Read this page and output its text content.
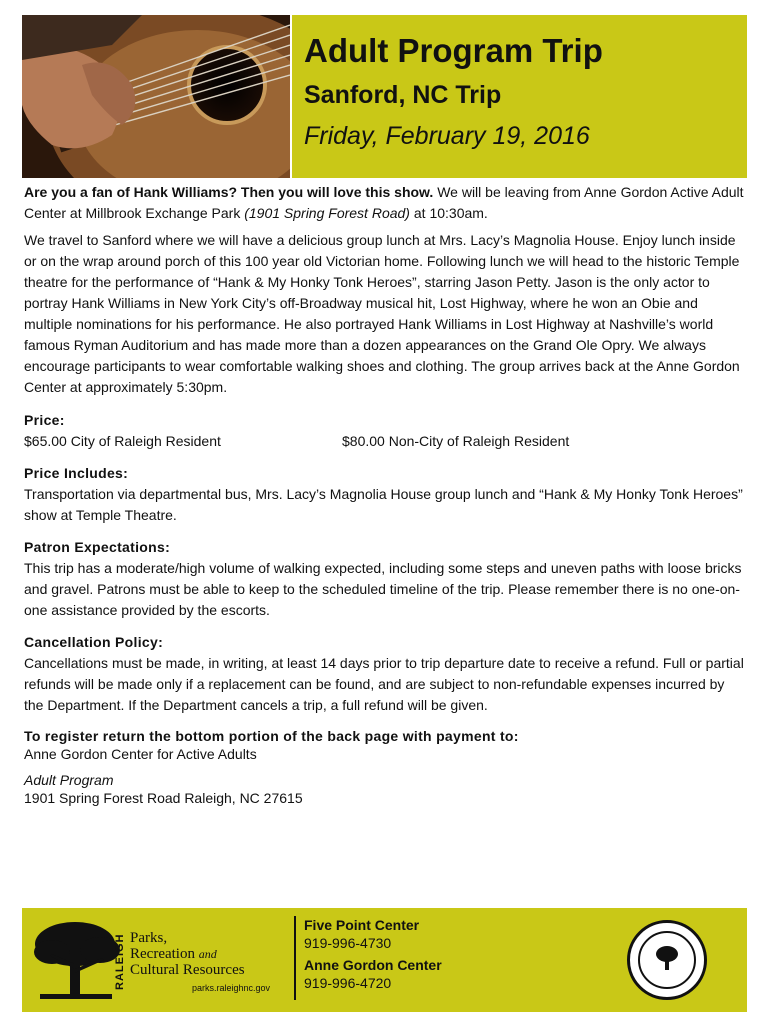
Adult Program Trip
Sanford, NC Trip
Friday, February 19, 2016

Are you a fan of Hank Williams? Then you will love this show. We will be leaving from Anne Gordon Active Adult Center at Millbrook Exchange Park (1901 Spring Forest Road) at 10:30am.

We travel to Sanford where we will have a delicious group lunch at Mrs. Lacy’s Magnolia House. Enjoy lunch inside or on the wrap around porch of this 100 year old Victorian home. Following lunch we will head to the historic Temple theatre for the performance of “Hank & My Honky Tonk Heroes”, starring Jason Petty. Jason is the only actor to portray Hank Williams in New York City’s off-Broadway musical hit, Lost Highway, where he won an Obie and multiple nominations for his performance. He also portrayed Hank Williams in Lost Highway at Nashville’s world famous Ryman Auditorium and has made more than a dozen appearances on the Grand Ole Opry. We always encourage participants to wear comfortable walking shoes and clothing. The group arrives back at the Anne Gordon Center at approximately 5:30pm.

Price:
$65.00 City of Raleigh Resident	$80.00 Non-City of Raleigh Resident
Price Includes:

Transportation via departmental bus, Mrs. Lacy’s Magnolia House group lunch and “Hank & My Honky Tonk Heroes” show at Temple Theatre.

Patron Expectations:

This trip has a moderate/high volume of walking expected, including some steps and uneven paths with loose bricks and gravel. Patrons must be able to keep to the scheduled timeline of the trip. Please remember there is no one-on-one assistance provided by the escorts.

Cancellation Policy:

Cancellations must be made, in writing, at least 14 days prior to trip departure date to receive a refund. Full or partial refunds will be made only if a replacement can be found, and are subject to non-refundable expenses incurred by the Department. If the Department cancels a trip, a full refund will be given.

To register return the bottom portion of the back page with payment to:
Anne Gordon Center for Active Adults
Adult Program
1901 Spring Forest Road Raleigh, NC 27615
RALEIGH Parks,
Recreation and
Cultural Resources
parks.raleighnc.gov
Five Point Center
919-996-4730
Anne Gordon Center
919-996-4720
